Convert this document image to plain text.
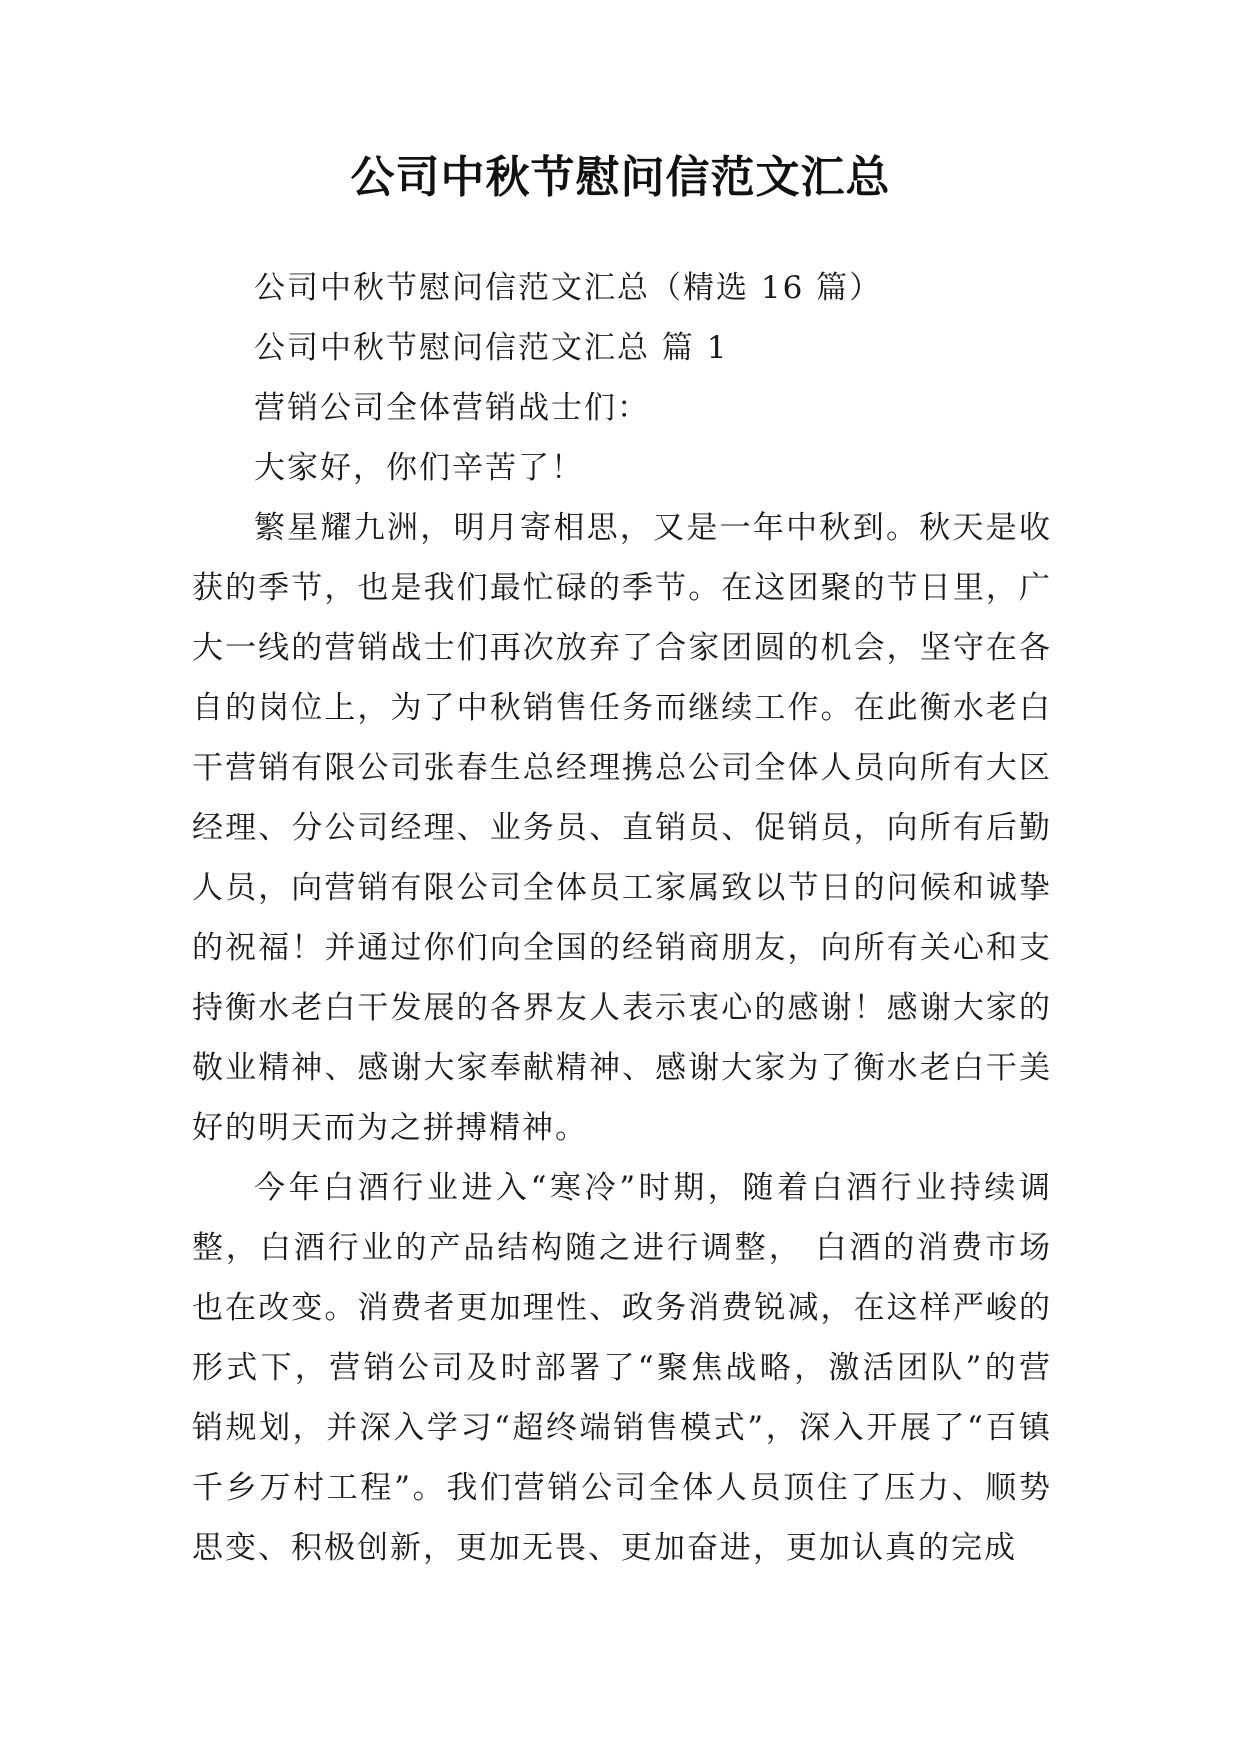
公司中秋节慰问信范文汇总

公司中秋节慰问信范文汇总（精选 16 篇）

公司中秋节慰问信范文汇总 篇 1

营销公司全体营销战士们：

大家好，你们辛苦了！

繁星耀九洲，明月寄相思，又是一年中秋到。秋天是收获的季节，也是我们最忙碌的季节。在这团聚的节日里，广大一线的营销战士们再次放弃了合家团圆的机会，坚守在各自的岗位上，为了中秋销售任务而继续工作。在此衡水老白干营销有限公司张春生总经理携总公司全体人员向所有大区经理、分公司经理、业务员、直销员、促销员，向所有后勤人员，向营销有限公司全体员工家属致以节日的问候和诚挚的祝福！并通过你们向全国的经销商朋友，向所有关心和支持衡水老白干发展的各界友人表示衷心的感谢！感谢大家的敬业精神、感谢大家奉献精神、感谢大家为了衡水老白干美好的明天而为之拼搏精神。

今年白酒行业进入“寒冷”时期，随着白酒行业持续调整，白酒行业的产品结构随之进行调整， 白酒的消费市场也在改变。消费者更加理性、政务消费锐减，在这样严峻的形式下，营销公司及时部署了“聚焦战略，激活团队”的营销规划，并深入学习“超终端销售模式”，深入开展了“百镇千乡万村工程”。我们营销公司全体人员顶住了压力、顺势思变、积极创新，更加无畏、更加奋进，更加认真的完成
